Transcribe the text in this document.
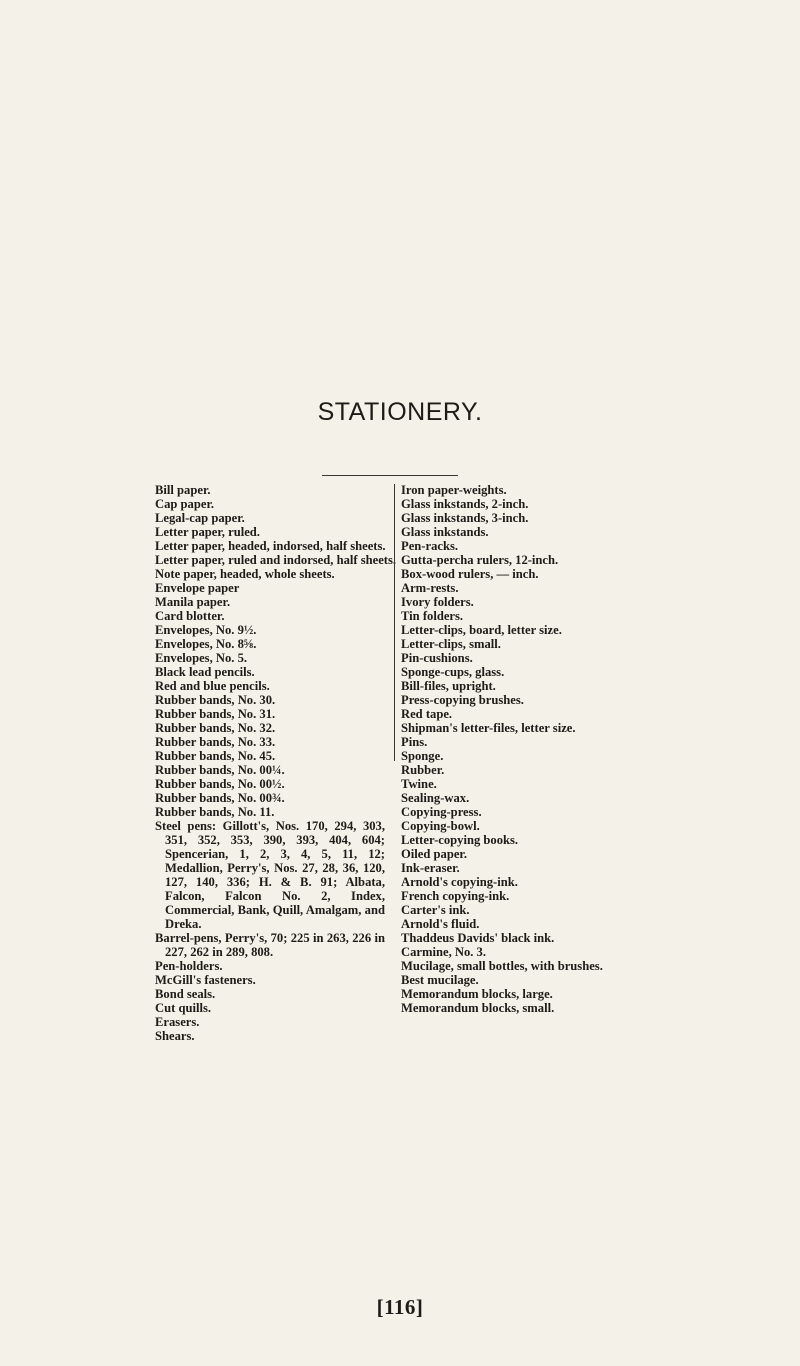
STATIONERY.
Bill paper.
Cap paper.
Legal-cap paper.
Letter paper, ruled.
Letter paper, headed, indorsed, half sheets.
Letter paper, ruled and indorsed, half sheets.
Note paper, headed, whole sheets.
Envelope paper
Manila paper.
Card blotter.
Envelopes, No. 9½.
Envelopes, No. 8⅝.
Envelopes, No. 5.
Black lead pencils.
Red and blue pencils.
Rubber bands, No. 30.
Rubber bands, No. 31.
Rubber bands, No. 32.
Rubber bands, No. 33.
Rubber bands, No. 45.
Rubber bands, No. 00¼.
Rubber bands, No. 00½.
Rubber bands, No. 00¾.
Rubber bands, No. 11.
Steel pens: Gillott's, Nos. 170, 294, 303, 351, 352, 353, 390, 393, 404, 604; Spencerian, 1, 2, 3, 4, 5, 11, 12; Medallion, Perry's, Nos. 27, 28, 36, 120, 127, 140, 336; H. & B. 91; Albata, Falcon, Falcon No. 2, Index, Commercial, Bank, Quill, Amalgam, and Dreka.
Barrel-pens, Perry's, 70; 225 in 263, 226 in 227, 262 in 289, 808.
Pen-holders.
McGill's fasteners.
Bond seals.
Cut quills.
Erasers.
Shears.
Iron paper-weights.
Glass inkstands, 2-inch.
Glass inkstands, 3-inch.
Glass inkstands.
Pen-racks.
Gutta-percha rulers, 12-inch.
Box-wood rulers, — inch.
Arm-rests.
Ivory folders.
Tin folders.
Letter-clips, board, letter size.
Letter-clips, small.
Pin-cushions.
Sponge-cups, glass.
Bill-files, upright.
Press-copying brushes.
Red tape.
Shipman's letter-files, letter size.
Pins.
Sponge.
Rubber.
Twine.
Sealing-wax.
Copying-press.
Copying-bowl.
Letter-copying books.
Oiled paper.
Ink-eraser.
Arnold's copying-ink.
French copying-ink.
Carter's ink.
Arnold's fluid.
Thaddeus Davids' black ink.
Carmine, No. 3.
Mucilage, small bottles, with brushes.
Best mucilage.
Memorandum blocks, large.
Memorandum blocks, small.
[116]
